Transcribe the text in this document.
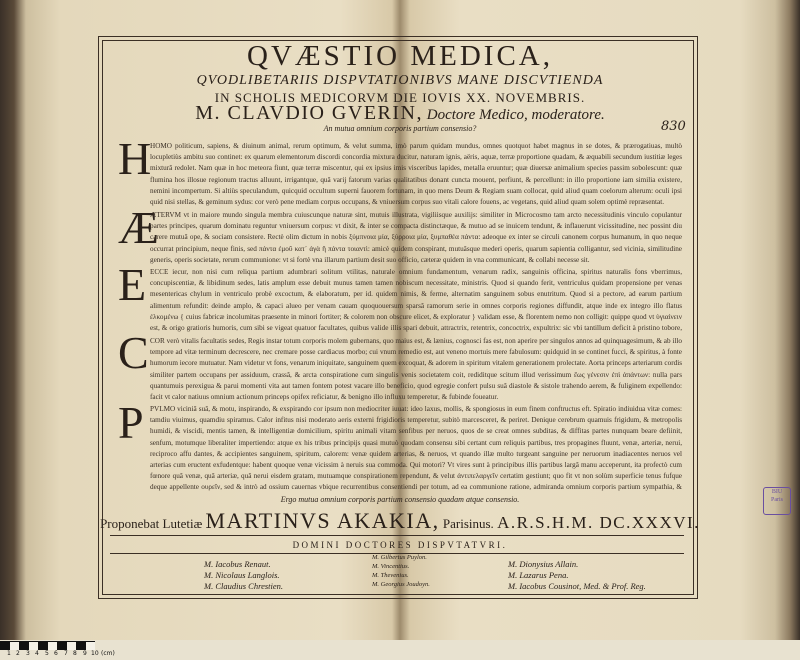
QVÆSTIO MEDICA,
QVODLIBETARIIS DISPVTATIONIBVS MANE DISCVTIENDA
IN SCHOLIS MEDICORVM DIE IOVIS XX. NOVEMBRIS.
M. CLAVDIO GVERIN, Doctore Medico, moderatore.
An mutua omnium corporis partium consensio?	830
H
Æ
E
C
P
HOMO politicum, sapiens, & diuinum animal, rerum optimum, & velut summa, imò parum quidam mundus, omnes quotquot habet magnus in se dotes, & prærogatiuas, multò locupletiùs ambitu suo continet: ex quarum elementorum discordi concordia mixtura ducitur, naturam ignis, aëris, aquæ, terræ proportione quadam, & æquabili secundum iustitiæ leges mixturâ redolet. Nam quæ in hoc meteora fiunt, quæ terræ miscentur, qui ex ipsius imis visceribus lapides, metalla eruuntur; quæ diuersæ animalium species passim sobolescunt: quæ flumina hos illosue regionum tractus alluunt, irrigantque, quâ varij fatorum varias qualitatibus donant cuncta mouent, perfiunt, & percellunt: in illo proportione iam similia existere, nemini incompertum. Si altiùs speculandum, quicquid occultum superni fauorem fortunam, in quo mens Deum & Regiam suam collocat, quid aliud quam coelorum alterum: oculi ipsi quid nisi stellas, & geminum sydus: cor verò pene mediam corpus occupans, & vniuersum corpus suo vitali calore fouens, ac vegetans, quid aliud quam solem optimè repræsentat.
ÆTERVM vt in maiore mundo singula membra cuiuscunque naturæ sint, mutuis illustrata, vigiliisque auxilijs: similiter in Microcosmo tam arcto necessitudinis vinculo copulantur partes principes, quarum dominatu reguntur vniuersum corpus: vt dixit, & inter se compacta distinctæque, & mutuo ad se inuicem tendunt, & inflauerunt vicissitudine, nec possint diu carere mutuâ ope, & sociam consistere. Rectè olim dictum in nobis ξύμπνοια μία, ξύρροια μία, ξυμπαθέα πάντα: adeoque ex inter se circuli canonem corpus humanum, in quo neque occurrat principium, neque finis, sed πάντα ἐμοῦ κατ᾽ ἀγὰ ἢ πάντα τοιαντὶ: amicè quidem conspirant, mutuâsque mederi operis, quarum sapientia colligantur, sed vicinia, similitudine generis, operis societate, rerum communione: vt si fortè vna illarum partium desit suo officio, cæteræ quidem in vna communicant, & collabi necesse sit.
ECCE iecur, non nisi cum reliqua partium adumbrari solitum vtilitas, naturale omnium fundamentum, venarum radix, sanguinis officina, spiritus naturalis fons vberrimus, concupiscentiæ, & libidinum sedes, latis amplum esse debuit munus tamen tamen nobiscum necessitate, ministris. Quod si quando ferit, ventriculus quidam propensione per venas mesentericas chylum in ventriculo probè excoctum, & elaboratum, per id. quidem nimis, & ferme, alternatim sanguinem sobus enutritum. Quod si a pectore, ad earum partium alimentum refundit: deinde amplo, & capaci alueo per venam cauam quoquouersum sparsâ ramorum serie in omnes corporis regiones diffundit, atque inde ex integro illo flatus ἐλκομένω { cuius fabricæ incolumitas praesente in minori fortiter; & colorem non obscure elicet, & exploratur } validam esse, & florentem nemo non colligit: quippe quod vt ὑγιαίνειν est, & origo gratioris humoris, cum sibi se vigeat quatuor facultates, quibus valide illis spari debuit, attractrix, retentrix, concoctrix, expultrix: sic vbi tantillum deficit à pristino tobore,
COR verò vitalis facultatis sedes, Regis instar totum corporis molem gubernans, quo maius est, & lænius, cognosci fas est, non aperire per singulos annos ad quinquagesimum, & ab illo tempore ad vitæ terminum decrescere, nec cremare posse cardiacus morbo; cui vnum remedio est, aut veneno mortuis mere fabulosum: quidquid in se continet fucci, & spiritus, à fonte humorum iecore mutuatur. Nam videtur vt fons, venarum iniquitate, sanguinem quem excoquat, & adorem in spiritum vitalem generationem prolectate. Aorta princeps arteriarum cordis similiter partem occupans per assiduum, crassâ, & arcta conspiratione cum singulis venis societatem coit, rediditque scitum illud verissimum ἕως γένεσιν ἐπὶ ἀπάντων: nulla pars quantumuis perexigua & parui momenti vita aut tamen fontem potest vacare illo beneficio, quod egregie confert pulsu suâ diastole & sistole trahendo aerem, & fuliginem expellendo: facit vt calor natiuus omnium actionum princeps opifex reficiatur, & benigno illo influxu temperetur, & fubinde foueatur.
PVLMO viciniâ suâ, & motu, inspirando, & exspirando cor ipsum non mediocriter iuuat: ideo laxus, mollis, & spongiosus in eum finem conftructus eft. Spiratio indiuidua vitæ comes: tamdiu viuimus, quamdiu spiramus. Calor infitus nisi moderato aeris externi frigidioris temperetur, subitò marcesceret, & periret. Denique cerebrum quamuis frigidum, & metropolis humidi, & viscidi, mentis tamen, & intelligentiæ domicilium, spiritu animali vitam senfibus per neruos, quos de se creat omnes subditas, & diffitas partes nunquam beare defiinit, senfum, motumque liberaliter impertiendo: atque ex his tribus principijs quasi mutuò quodam consensu sibi certant cum reliquis partibus, tres propagines fluunt, venæ, arteriæ, nerui, reciproco affu dantes, & accipientes sanguinem, spiritum, calorem: venæ quidem arterias, & neruos, vt quando illæ multo turgeant sanguine per neruorum inadiacentes neruos vel arterias cum eructent exfudentque: habent quoque venæ vicissim à neruis sua commoda. Qui motori? Vt vires sunt à principibus illis partibus largâ manu acceperunt, ita profectò cum fœnore quâ venæ, quâ arteriæ, quâ nerui eisdem gratam, mutuamque conspirationem rependunt, & velut ἀντιπελαργεῖν certatim gestiunt; quo fit vt non solùm superficie tenus fufque deque appellente ουρεῖν, sed & intrò ad ossium cauernas vbique recurrentibus consentiendi per totum, ad ea communione ratione, admiranda omnium corporis partium sympathia, &
Ergo mutua omnium corporis partium consensio quadam atque consensio.
Proponebat Lutetiæ MARTINVS AKAKIA, Parisinus. A.R.S.H.M. DC.XXXVI.
DOMINI DOCTORES DISPVTATVRI.
M. Iacobus Renaut.
M. Nicolaus Langlois.
M. Claudius Chrestien.
M. Gilbertus Puylon.
M. Vincentius.
M. Thevenius.
M. Georgius Joudoyn.
M. Dionysius Allain.
M. Lazarus Pena.
M. Iacobus Cousinot, Med. & Prof. Reg.
BIU
Paris
1 2 3 4 5 6 7 8 9 10 (cm)
